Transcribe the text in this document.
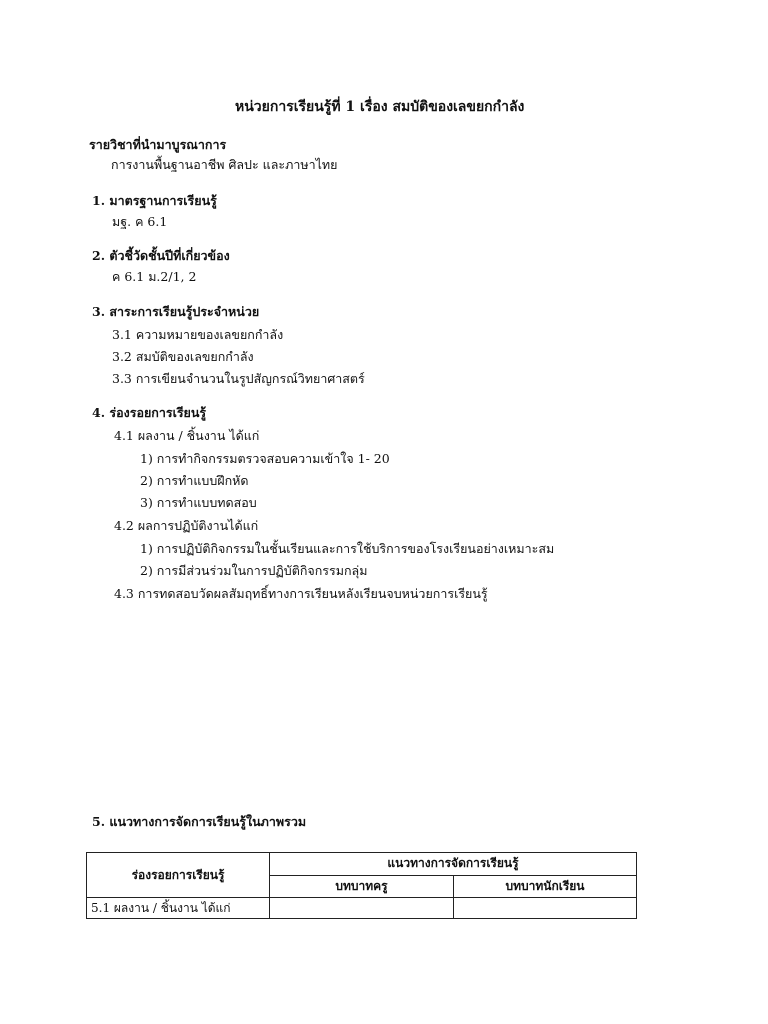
หน่วยการเรียนรู้ที่ 1 เรื่อง สมบัติของเลขยกกำลัง
รายวิชาที่นำมาบูรณาการ
การงานพื้นฐานอาชีพ ศิลปะ และภาษาไทย
1. มาตรฐานการเรียนรู้
มฐ. ค 6.1
2. ตัวชี้วัดชั้นปีที่เกี่ยวข้อง
ค 6.1 ม.2/1, 2
3. สาระการเรียนรู้ประจำหน่วย
3.1 ความหมายของเลขยกกำลัง
3.2 สมบัติของเลขยกกำลัง
3.3 การเขียนจำนวนในรูปสัญกรณ์วิทยาศาสตร์
4. ร่องรอยการเรียนรู้
4.1 ผลงาน / ชิ้นงาน ได้แก่
1) การทำกิจกรรมตรวจสอบความเข้าใจ 1- 20
2) การทำแบบฝึกหัด
3) การทำแบบทดสอบ
4.2 ผลการปฏิบัติงานได้แก่
1) การปฏิบัติกิจกรรมในชั้นเรียนและการใช้บริการของโรงเรียนอย่างเหมาะสม
2) การมีส่วนร่วมในการปฏิบัติกิจกรรมกลุ่ม
4.3 การทดสอบวัดผลสัมฤทธิ์ทางการเรียนหลังเรียนจบหน่วยการเรียนรู้
5. แนวทางการจัดการเรียนรู้ในภาพรวม
ร่องรอยการเรียนรู้	แนวทางการจัดการเรียนรู้	
	บทบาทครู	บทบาทนักเรียน
5.1 ผลงาน / ชิ้นงาน ได้แก่		
